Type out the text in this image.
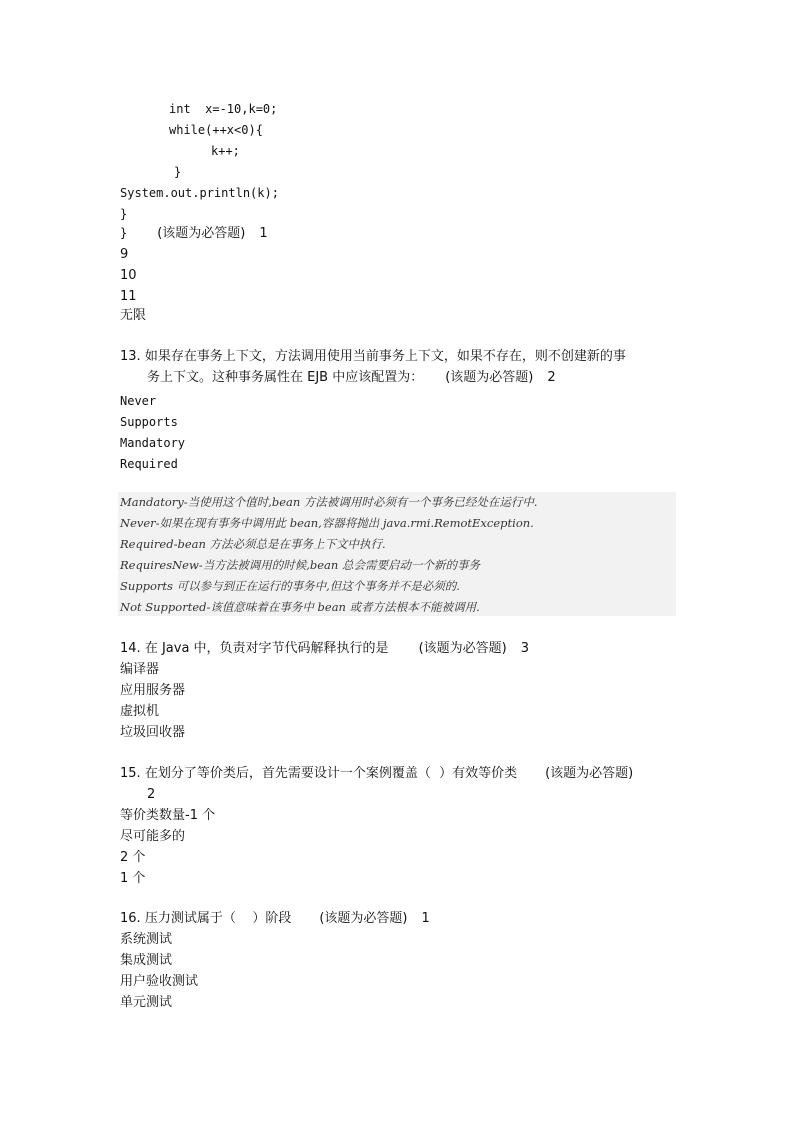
int  x=-10,k=0;
while(++x<0){
k++;
}
System.out.println(k);
}
} (该题为必答题) 1
9
10
11
无限
13. 如果存在事务上下文，方法调用使用当前事务上下文，如果不存在，则不创建新的事
务上下文。这种事务属性在 EJB 中应该配置为： (该题为必答题) 2
Never
Supports
Mandatory
Required
Mandatory-当使用这个值时,bean 方法被调用时必须有一个事务已经处在运行中.
Never-如果在现有事务中调用此 bean,容器将抛出 java.rmi.RemotException.
Required-bean 方法必须总是在事务上下文中执行.
RequiresNew-当方法被调用的时候,bean 总会需要启动一个新的事务
Supports 可以参与到正在运行的事务中,但这个事务并不是必须的.
Not Supported-该值意味着在事务中 bean 或者方法根本不能被调用.
14. 在 Java 中，负责对字节代码解释执行的是 (该题为必答题) 3
编译器
应用服务器
虚拟机
垃圾回收器
15. 在划分了等价类后，首先需要设计一个案例覆盖（  ）有效等价类 (该题为必答题)
2
等价类数量-1 个
尽可能多的
2 个
1 个
16. 压力测试属于（    ）阶段 (该题为必答题) 1
系统测试
集成测试
用户验收测试
单元测试
